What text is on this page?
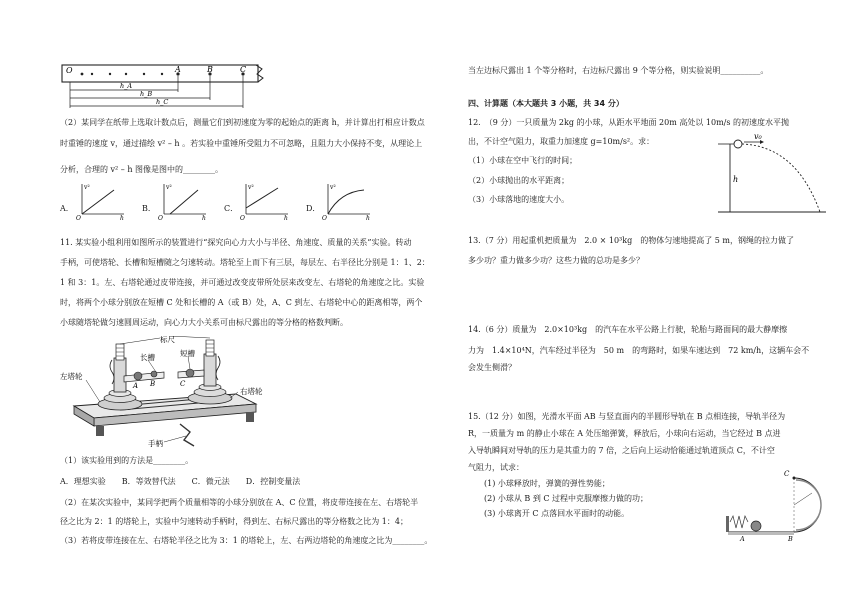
O	A	B	C
h_A
h_B
h_C
（2）某同学在纸带上选取计数点后，测量它们到初速度为零的起始点的距离 h，并计算出打相应计数点
时重锤的速度 v，通过描绘 v² – h 。若实验中重锤所受阻力不可忽略，且阻力大小保持不变，从理论上
分析，合理的 v² – h 图像是图中的________。
A．
v²
h
O
B．
v²
h
O
C．
v²
h
O
D．
v²
h
O
11. 某实验小组利用如图所示的装置进行“探究向心力大小与半径、角速度、质量的关系”实验。转动
手柄，可使塔轮、长槽和短槽随之匀速转动。塔轮至上而下有三层，每层左、右半径比分别是 1：1、2：
1 和 3：1。左、右塔轮通过皮带连接，并可通过改变皮带所处层来改变左、右塔轮的角速度之比。实验
时，将两个小球分别放在短槽 C 处和长槽的 A（或 B）处，A、C 到左、右塔轮中心的距离相等，两个
小球随塔轮做匀速圆周运动，向心力大小关系可由标尺露出的等分格的格数判断。
A B	C
标尺
长槽	短槽
左塔轮
右塔轮
手柄
（1）该实验用到的方法是________。
A．理想实验　　B．等效替代法　　C．微元法　　D．控制变量法
（2）在某次实验中，某同学把两个质量相等的小球分别放在 A、C 位置，将皮带连接在左、右塔轮半
径之比为 2：1 的塔轮上，实验中匀速转动手柄时，得到左、右标尺露出的等分格数之比为 1：4；
（3）若将皮带连接在左、右塔轮半径之比为 3：1 的塔轮上，左、右两边塔轮的角速度之比为________。
当左边标尺露出 1 个等分格时，右边标尺露出 9 个等分格，则实验说明__________。
四、计算题（本大题共 3 小题，共 34 分）
12.　（9 分）一只质量为 2kg 的小球，从距水平地面 20m 高处以 10m/s 的初速度水平抛
出，不计空气阻力，取重力加速度 g=10m/s²。求：
（1）小球在空中飞行的时间；
（2）小球抛出的水平距离；
（3）小球落地的速度大小。
v₀
h
13.（7 分）用起重机把质量为　2.0 × 10³kg　的物体匀速地提高了 5 m，钢绳的拉力做了
多少功？重力做多少功？这些力做的总功是多少？
14.（6 分）质量为　2.0×10³kg　的汽车在水平公路上行驶，轮胎与路面间的最大静摩擦
力为　1.4×10⁴N，汽车经过半径为　50 m　的弯路时，如果车速达到　72 km/h，这辆车会不
会发生侧滑？
15.（12 分）如图，光滑水平面 AB 与竖直面内的半圆形导轨在 B 点相连接，导轨半径为
R，一质量为 m 的静止小球在 A 处压缩弹簧，释放后，小球向右运动，当它经过 B 点进
入导轨瞬间对导轨的压力是其重力的 7 倍，之后向上运动恰能通过轨道顶点 C，不计空
气阻力，试求：
(1) 小球释放时，弹簧的弹性势能；
(2) 小球从 B 到 C 过程中克服摩擦力做的功；
(3) 小球离开 C 点落回水平面时的动能。
C
A	B
